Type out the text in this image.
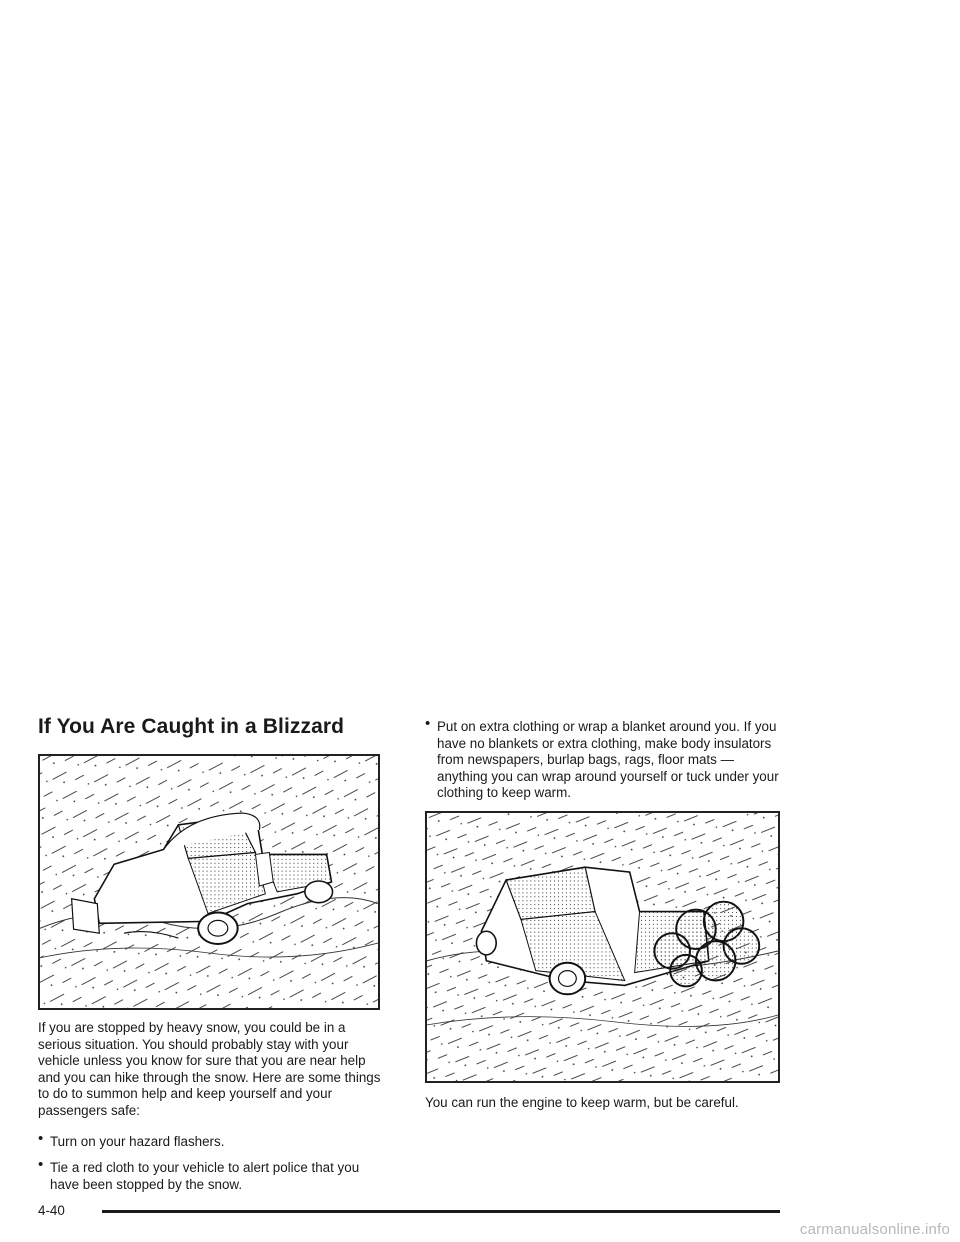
If You Are Caught in a Blizzard

If you are stopped by heavy snow, you could be in a serious situation. You should probably stay with your vehicle unless you know for sure that you are near help and you can hike through the snow. Here are some things to do to summon help and keep yourself and your passengers safe:

• Turn on your hazard flashers.

• Tie a red cloth to your vehicle to alert police that you have been stopped by the snow.

• Put on extra clothing or wrap a blanket around you. If you have no blankets or extra clothing, make body insulators from newspapers, burlap bags, rags, floor mats — anything you can wrap around yourself or tuck under your clothing to keep warm.

You can run the engine to keep warm, but be careful.

4-40
carmanualsonline.info
